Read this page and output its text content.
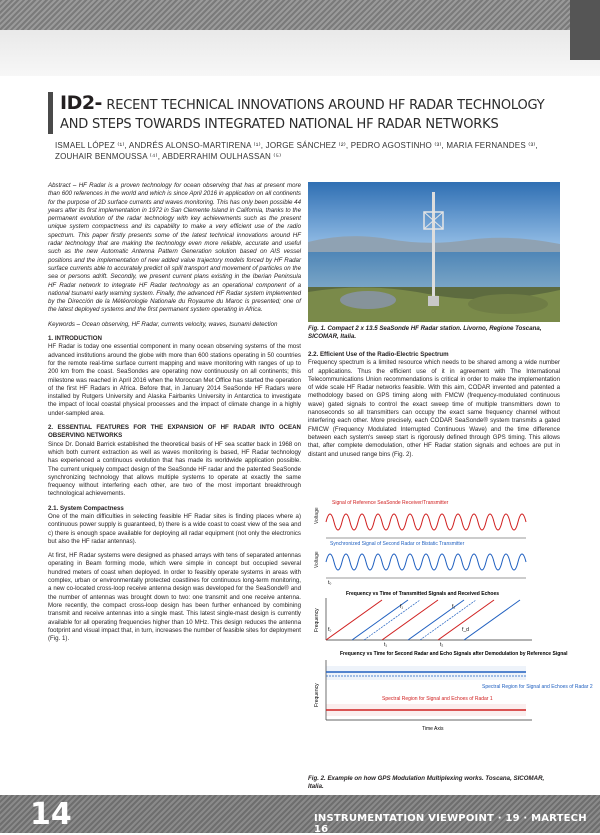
ID2- RECENT TECHNICAL INNOVATIONS AROUND HF RADAR TECHNOLOGY AND STEPS TOWARDS INTEGRATED NATIONAL HF RADAR NETWORKS
ISMAEL LÓPEZ ⁽¹⁾, ANDRÉS ALONSO-MARTIRENA ⁽¹⁾, JORGE SÁNCHEZ ⁽²⁾, PEDRO AGOSTINHO ⁽³⁾, MARIA FERNANDES ⁽³⁾, ZOUHAIR BENMOUSSA ⁽⁴⁾, ABDERRAHIM OULHASSAN ⁽⁵⁾

Abstract – HF Radar is a proven technology for ocean observing that has at present more than 600 references in the world and which is since April 2016 in application on all continents for the purpose of 2D surface currents and waves monitoring. This has only been possible 44 years after its first implementation in 1972 in San Clemente Island in California, thanks to the permanent evolution of the radar technology with key achievements such as the present unique system compactness and its capability to make a very efficient use of the radio spectrum. This paper firstly presents some of the latest technical innovations around HF radar technology that are making the technology even more reliable, accurate and useful such as the new Automatic Antenna Pattern Generation solution based on AIS vessel positions and the implementation of new added value trajectory models forced by HF Radar surface currents able to accurately predict oil spill transport and movement of particles on the sea or persons adrift. Secondly, we present current plans existing in the Iberian Peninsula HF Radar network to integrate HF Radar technology as an operational component of a national tsunami early warning system. Finally, the advanced HF Radar system implemented by the Dirección de la Météorologie Nationale du Royaume du Maroc is presented; one of the latest deployed systems and the first permanent system operating in Africa.

Keywords – Ocean observing, HF Radar, currents velocity, waves, tsunami detection

1. INTRODUCTION

HF Radar is today one essential component in many ocean observing systems of the most advanced institutions around the globe with more than 600 stations operating in 50 countries for the remote real-time surface current mapping and wave monitoring with ranges of up to 200 km from the coast. SeaSondes are operating now continuously on all continents; this milestone was reached in April 2016 when the Moroccan Met Office has started the operation of the first HF Radars in Africa. Before that, in January 2014 SeaSonde HF Radars were installed by Rutgers University and Alaska Fairbanks University in Antarctica to investigate the impact of local coastal physical processes and the impact of climate change in a highly under-sampled area.

2. ESSENTIAL FEATURES FOR THE EXPANSION OF HF RADAR INTO OCEAN OBSERVING NETWORKS

Since Dr. Donald Barrick established the theoretical basis of HF sea scatter back in 1968 on which both current extraction as well as waves monitoring is based, HF Radar technology has experienced a continuous evolution that has made its worldwide application possible. The current uniquely compact design of the SeaSonde HF radar and the patented SeaSonde synchronizing technology that allows multiple systems to operate at exactly the same frequency without interfering each other, are two of the most important breakthrough technological achievements.

2.1. System Compactness

One of the main difficulties in selecting feasible HF Radar sites is finding places where a) continuous power supply is guaranteed, b) there is a wide coast to coast view of the sea and c) there is enough space available for deploying all radar equipment (not only the electronics but also the HF radar antennas).

At first, HF Radar systems were designed as phased arrays with tens of separated antennas operating in Beam forming mode, which were simple in concept but occupied several hundred meters of coast when deployed. In order to feasibly operate systems in areas with complex, urban or environmentally protected coastlines for continuous long-term monitoring, a new co-located cross-loop receive antenna design was developed for the SeaSonde® and the number of antennas was brought down to two: one transmit and one receive antenna. More recently, the compact cross-loop design has been further enhanced by combining transmit and receive antennas into a single mast. This latest single-mast design is currently available for all operating frequencies higher than 10 MHz. This design reduces the antenna footprint and visual impact that, in turn, increases the number of feasible sites for deployment (Fig. 1).

Fig. 1. Compact 2 x 13.5 SeaSonde HF Radar station. Livorno, Regione Toscana, SICOMAR, Italia.

2.2. Efficient Use of the Radio-Electric Spectrum

Frequency spectrum is a limited resource which needs to be shared among a wide number of applications. Thus the efficient use of it in agreement with The International Telecommunications Union recommendations is critical in order to make the implementation of wide scale HF Radar networks feasible. With this aim, CODAR invented and patented a methodology based on GPS timing along with FMCW (frequency-modulated continuous wave) gated signals to control the exact sweep time of multiple transmitters down to nanoseconds so all transmitters can occupy the exact same frequency channel without interfering each other. More precisely, each CODAR SeaSonde® system transmits a gated FMICW (Frequency Modulated Interrupted Continuous Wave) and the time difference between each system's sweep start is rigorously defined through GPS timing. This allows that, after complete demodulation, other HF Radar station signals and echoes are put in distant and unused range bins (Fig. 2).

Signal of Reference SeaSonde Receiver/Transmitter
Voltage
Synchronized Signal of Second Radar or Bistatic Transmitter
Voltage
t₀
Frequency vs Time of Transmitted Signals and Received Echoes
Frequency
f₁	f₂
f₀
t₁	t₂
f_d
Frequency vs Time for Second Radar and Echo Signals after Demodulation by Reference Signal
Frequency	Spectral Region for Signal and Echoes of Radar 2
Spectral Region for Signal and Echoes of Radar 1
Time Axis
Fig. 2. Example on how GPS Modulation Multiplexing works. Toscana, SICOMAR, Italia.
14	INSTRUMENTATION VIEWPOINT · 19 · MARTECH 16
